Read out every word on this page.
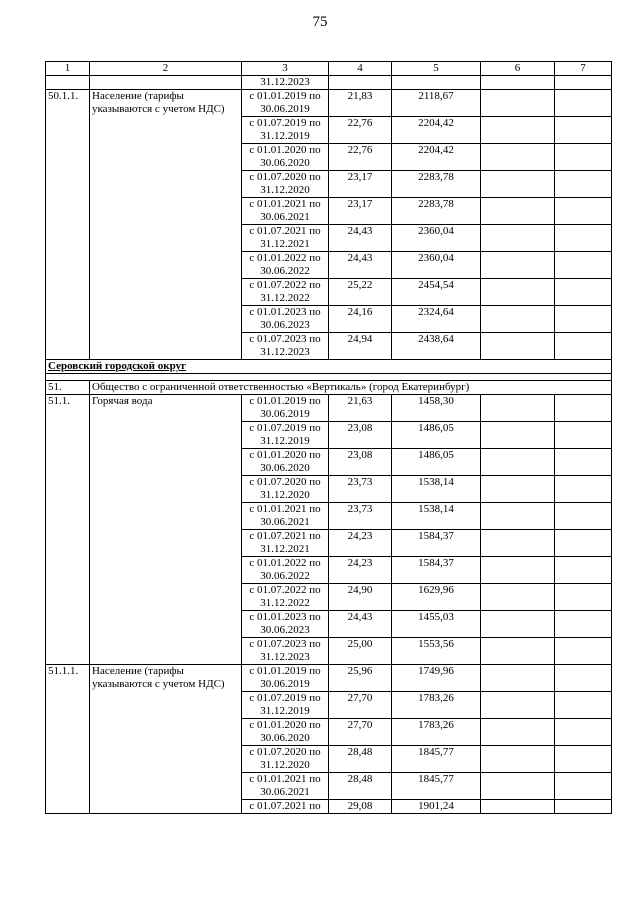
75
1	2	3	4	5	6	7
		31.12.2023				
50.1.1.	Население (тарифы указываются с учетом НДС)	с 01.01.2019 по 30.06.2019	21,83	2118,67		
		с 01.07.2019 по 31.12.2019	22,76	2204,42		
		с 01.01.2020 по 30.06.2020	22,76	2204,42		
		с 01.07.2020 по 31.12.2020	23,17	2283,78		
		с 01.01.2021 по 30.06.2021	23,17	2283,78		
		с 01.07.2021 по 31.12.2021	24,43	2360,04		
		с 01.01.2022 по 30.06.2022	24,43	2360,04		
		с 01.07.2022 по 31.12.2022	25,22	2454,54		
		с 01.01.2023 по 30.06.2023	24,16	2324,64		
		с 01.07.2023 по 31.12.2023	24,94	2438,64		
Серовский городской округ						

51.	Общество с ограниченной ответственностью «Вертикаль» (город Екатеринбург)					
51.1.	Горячая вода	с 01.01.2019 по 30.06.2019	21,63	1458,30		
		с 01.07.2019 по 31.12.2019	23,08	1486,05		
		с 01.01.2020 по 30.06.2020	23,08	1486,05		
		с 01.07.2020 по 31.12.2020	23,73	1538,14		
		с 01.01.2021 по 30.06.2021	23,73	1538,14		
		с 01.07.2021 по 31.12.2021	24,23	1584,37		
		с 01.01.2022 по 30.06.2022	24,23	1584,37		
		с 01.07.2022 по 31.12.2022	24,90	1629,96		
		с 01.01.2023 по 30.06.2023	24,43	1455,03		
		с 01.07.2023 по 31.12.2023	25,00	1553,56		
51.1.1.	Население (тарифы указываются с учетом НДС)	с 01.01.2019 по 30.06.2019	25,96	1749,96		
		с 01.07.2019 по 31.12.2019	27,70	1783,26		
		с 01.01.2020 по 30.06.2020	27,70	1783,26		
		с 01.07.2020 по 31.12.2020	28,48	1845,77		
		с 01.01.2021 по 30.06.2021	28,48	1845,77		
		с 01.07.2021 по	29,08	1901,24		
